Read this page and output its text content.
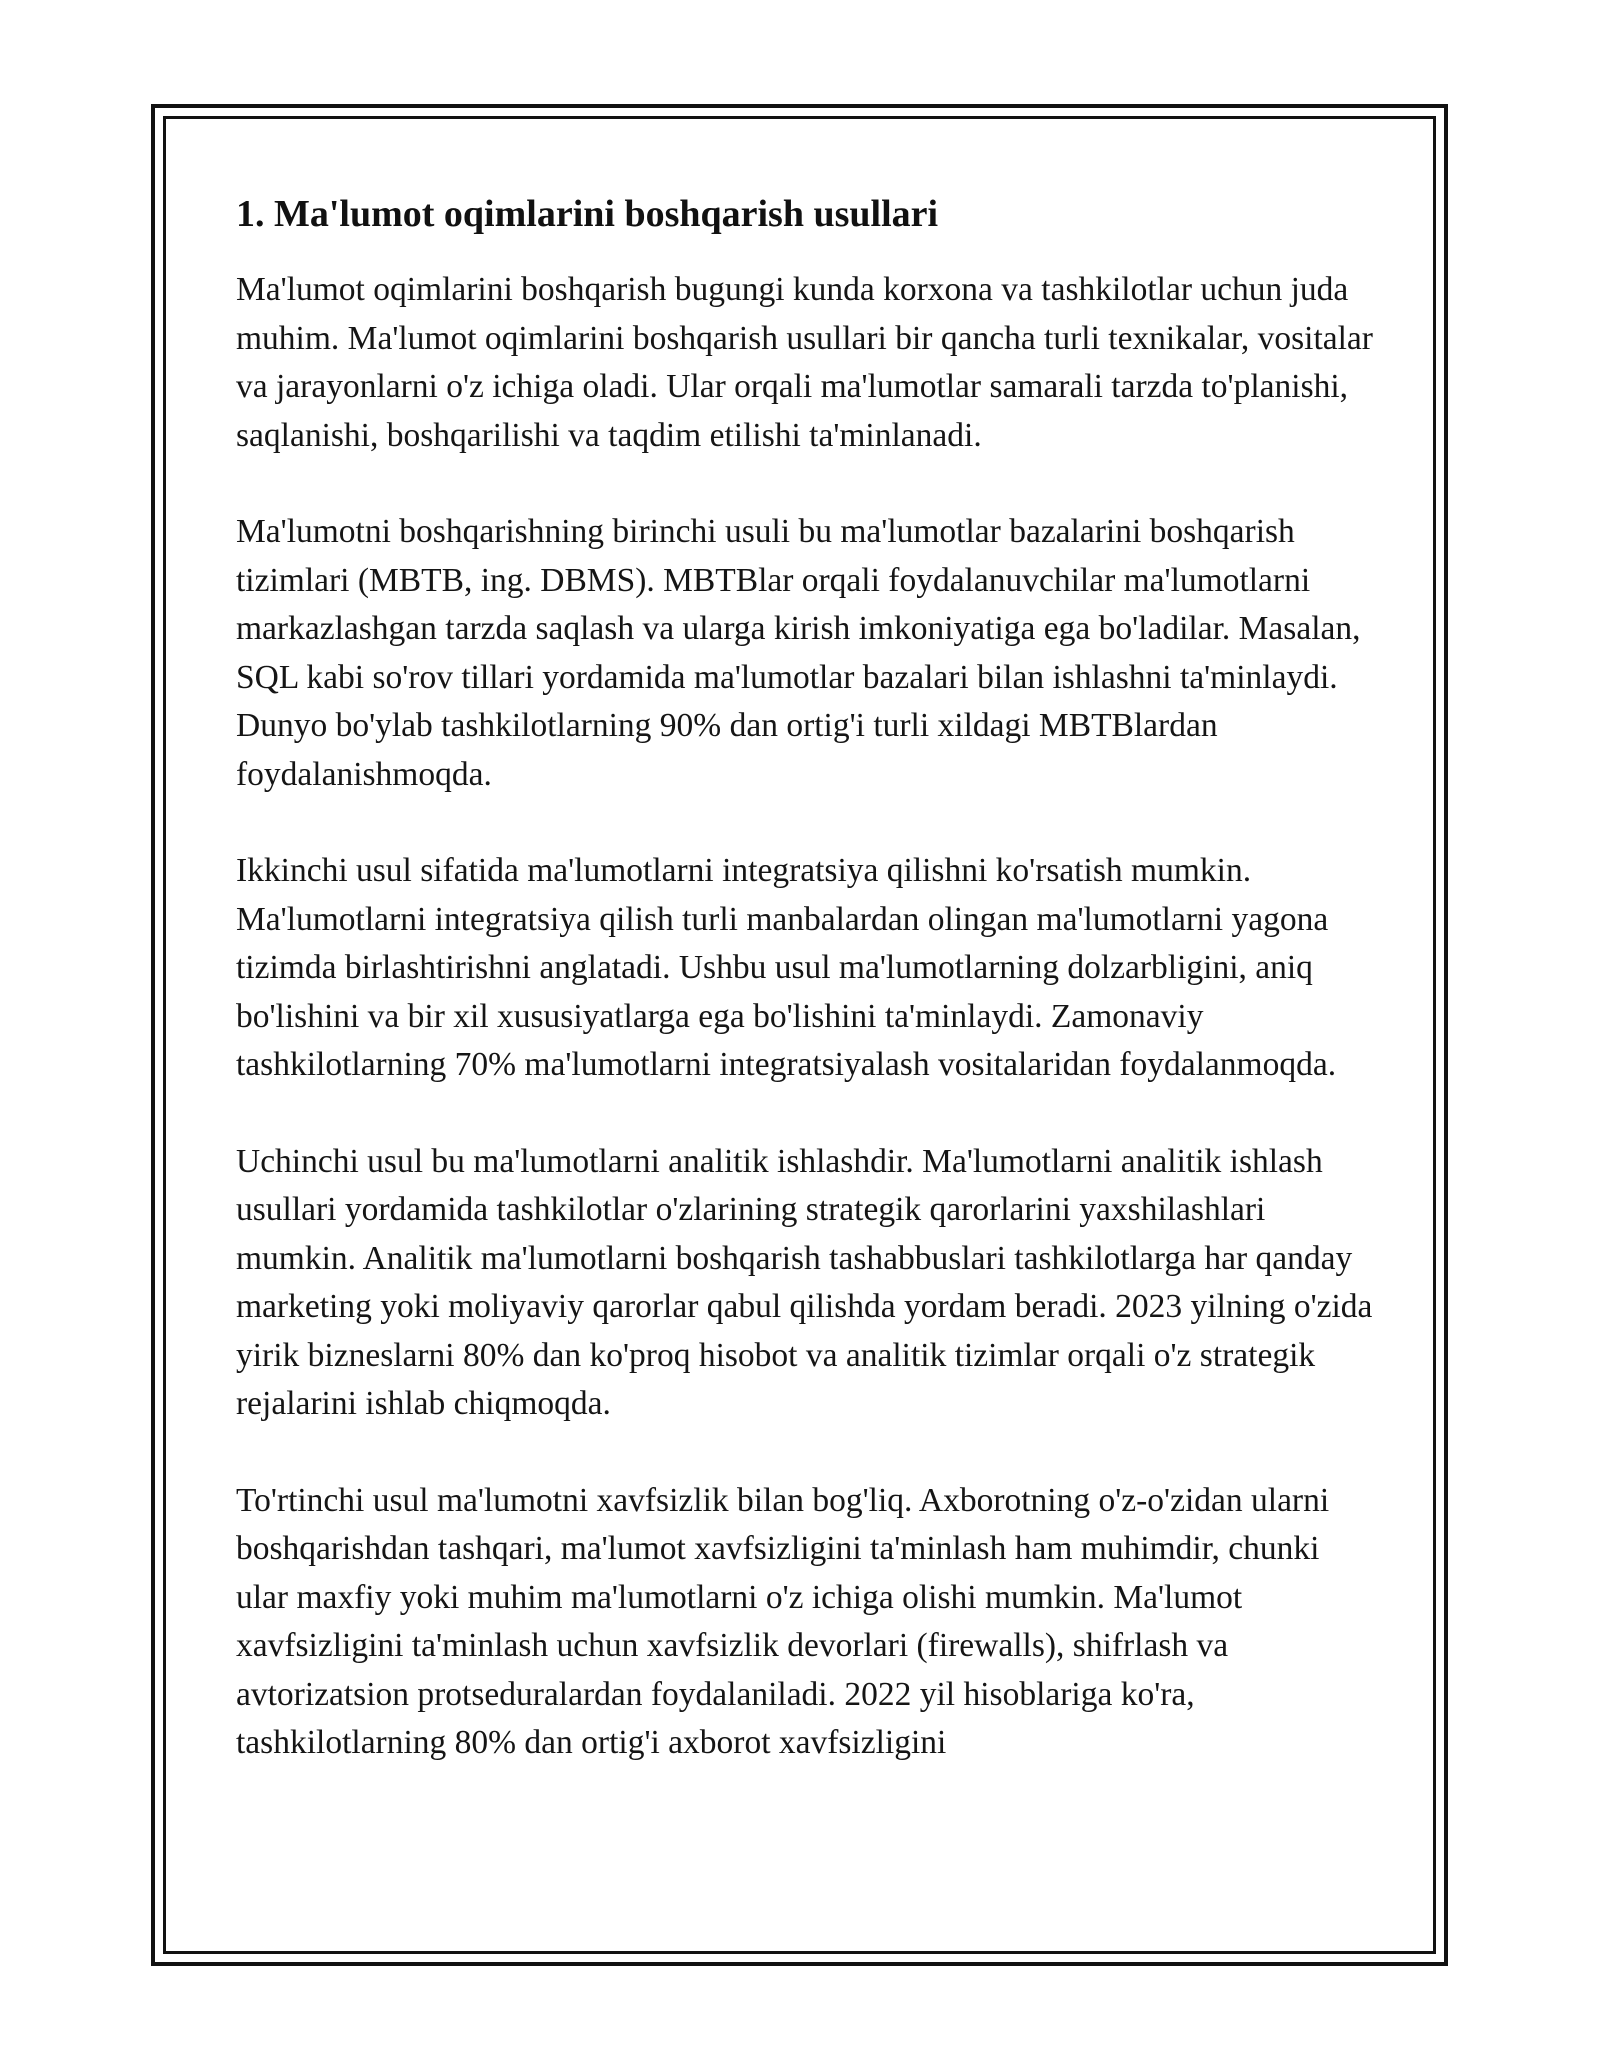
1. Ma'lumot oqimlarini boshqarish usullari

Ma'lumot oqimlarini boshqarish bugungi kunda korxona va tashkilotlar uchun juda muhim. Ma'lumot oqimlarini boshqarish usullari bir qancha turli texnikalar, vositalar va jarayonlarni o'z ichiga oladi. Ular orqali ma'lumotlar samarali tarzda to'planishi, saqlanishi, boshqarilishi va taqdim etilishi ta'minlanadi.

Ma'lumotni boshqarishning birinchi usuli bu ma'lumotlar bazalarini boshqarish tizimlari (MBTB, ing. DBMS). MBTBlar orqali foydalanuvchilar ma'lumotlarni markazlashgan tarzda saqlash va ularga kirish imkoniyatiga ega bo'ladilar. Masalan, SQL kabi so'rov tillari yordamida ma'lumotlar bazalari bilan ishlashni ta'minlaydi. Dunyo bo'ylab tashkilotlarning 90% dan ortig'i turli xildagi MBTBlardan foydalanishmoqda.

Ikkinchi usul sifatida ma'lumotlarni integratsiya qilishni ko'rsatish mumkin. Ma'lumotlarni integratsiya qilish turli manbalardan olingan ma'lumotlarni yagona tizimda birlashtirishni anglatadi. Ushbu usul ma'lumotlarning dolzarbligini, aniq bo'lishini va bir xil xususiyatlarga ega bo'lishini ta'minlaydi. Zamonaviy tashkilotlarning 70% ma'lumotlarni integratsiyalash vositalaridan foydalanmoqda.

Uchinchi usul bu ma'lumotlarni analitik ishlashdir. Ma'lumotlarni analitik ishlash usullari yordamida tashkilotlar o'zlarining strategik qarorlarini yaxshilashlari mumkin. Analitik ma'lumotlarni boshqarish tashabbuslari tashkilotlarga har qanday marketing yoki moliyaviy qarorlar qabul qilishda yordam beradi. 2023 yilning o'zida yirik bizneslarni 80% dan ko'proq hisobot va analitik tizimlar orqali o'z strategik rejalarini ishlab chiqmoqda.

To'rtinchi usul ma'lumotni xavfsizlik bilan bog'liq. Axborotning o'z-o'zidan ularni boshqarishdan tashqari, ma'lumot xavfsizligini ta'minlash ham muhimdir, chunki ular maxfiy yoki muhim ma'lumotlarni o'z ichiga olishi mumkin. Ma'lumot xavfsizligini ta'minlash uchun xavfsizlik devorlari (firewalls), shifrlash va avtorizatsion protseduralardan foydalaniladi. 2022 yil hisoblariga ko'ra, tashkilotlarning 80% dan ortig'i axborot xavfsizligini
